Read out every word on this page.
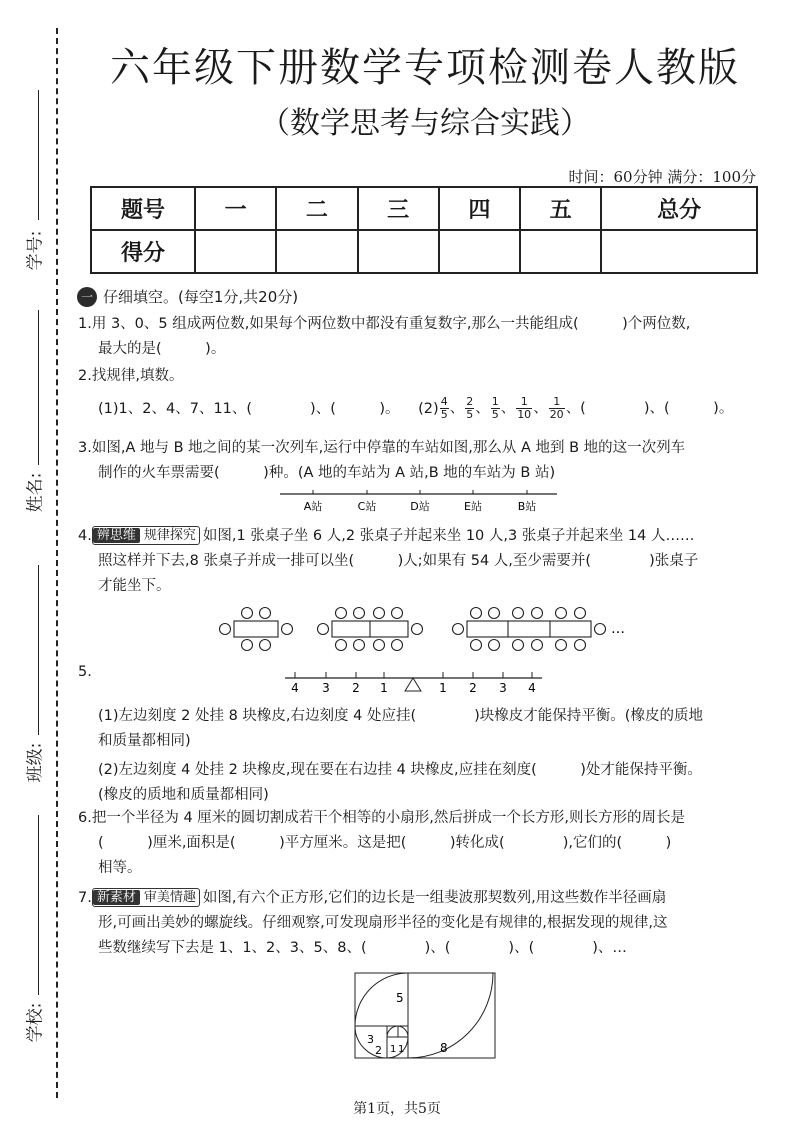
学号:
姓名:
班级:
学校:
六年级下册数学专项检测卷人教版
（数学思考与综合实践）
时间：60分钟 满分：100分
题号	一	二	三	四	五	总分
得分						
一 仔细填空。(每空1分,共20分)
1.用 3、0、5 组成两位数,如果每个两位数中都没有重复数字,那么一共能组成(　　　)个两位数,
最大的是(　　　)。
2.找规律,填数。
(1)1、2、4、7、11、(　　　　)、(　　　)。 $(2) \frac{4}{5}$ 、 $\frac{2}{5}$ 、 $\frac{1}{5}$ 、 $\frac{1}{10}$ 、 $\frac{1}{20}$ 、(　　　　)、(　　　)。
3.如图,A 地与 B 地之间的某一次列车,运行中停靠的车站如图,那么从 A 地到 B 地的这一次列车
制作的火车票需要(　　　)种。(A 地的车站为 A 站,B 地的车站为 B 站)
A站	C站	D站	E站	B站
4. 辨思维 规律探究 如图,1 张桌子坐 6 人,2 张桌子并起来坐 10 人,3 张桌子并起来坐 14 人……
照这样并下去,8 张桌子并成一排可以坐(　　　)人;如果有 54 人,至少需要并(　　　　)张桌子
才能坐下。
…
5.
4 3 2 1	1 2 3 4
(1)左边刻度 2 处挂 8 块橡皮,右边刻度 4 处应挂(　　　　)块橡皮才能保持平衡。(橡皮的质地
和质量都相同)
(2)左边刻度 4 处挂 2 块橡皮,现在要在右边挂 4 块橡皮,应挂在刻度(　　　)处才能保持平衡。
(橡皮的质地和质量都相同)
6.把一个半径为 4 厘米的圆切割成若干个相等的小扇形,然后拼成一个长方形,则长方形的周长是
(　　　)厘米,面积是(　　　)平方厘米。这是把(　　　)转化成(　　　　),它们的(　　　)
相等。
7. 新素材 审美情趣 如图,有六个正方形,它们的边长是一组斐波那契数列,用这些数作半径画扇
形,可画出美妙的螺旋线。仔细观察,可发现扇形半径的变化是有规律的,根据发现的规律,这
些数继续写下去是 1、1、2、3、5、8、(　　　　)、(　　　　)、(　　　　)、…
5
3
2 1 1	8
第1页，共5页
